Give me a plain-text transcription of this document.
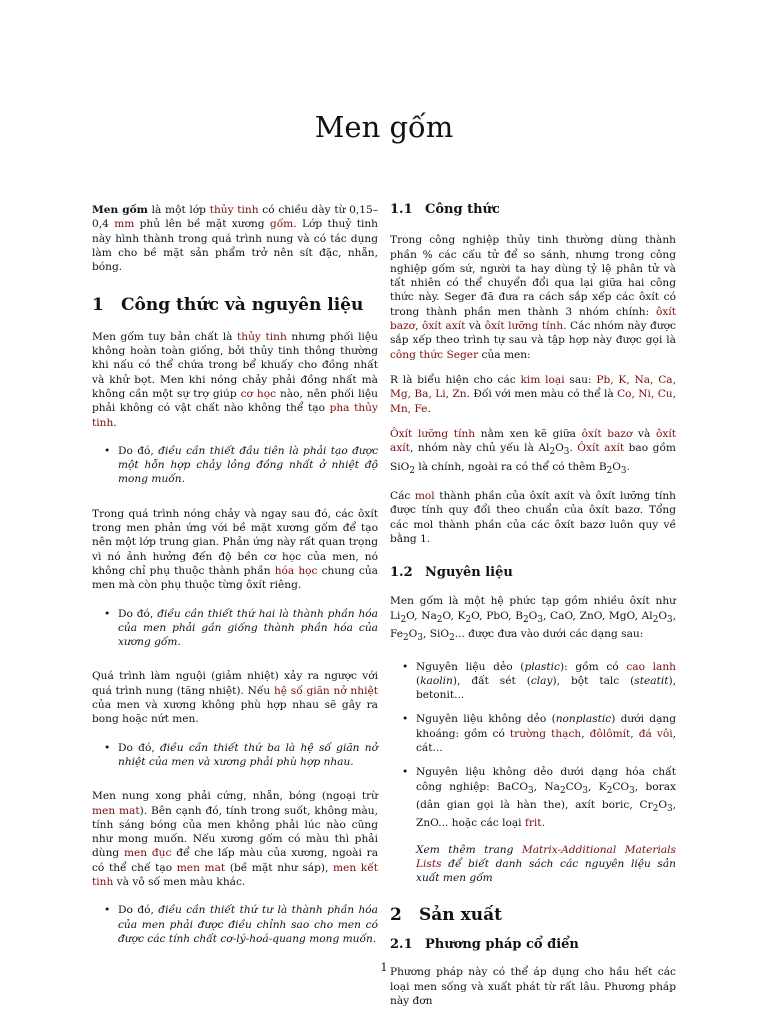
Men gốm

Men gốm là một lớp thủy tinh có chiều dày từ 0,15–0,4 mm phủ lên bề mặt xương gốm. Lớp thuỷ tinh này hình thành trong quá trình nung và có tác dụng làm cho bề mặt sản phẩm trở nên sít đặc, nhẵn, bóng.

1	Công thức và nguyên liệu

Men gốm tuy bản chất là thủy tinh nhưng phối liệu không hoàn toàn giống, bởi thủy tinh thông thường khi nấu có thể chứa trong bể khuấy cho đồng nhất và khử bọt. Men khi nóng chảy phải đồng nhất mà không cần một sự trợ giúp cơ học nào, nên phối liệu phải không có vật chất nào không thể tạo pha thủy tinh.

• Do đó, điều cần thiết đầu tiên là phải tạo được một hỗn hợp chảy lỏng đồng nhất ở nhiệt độ mong muốn.

Trong quá trình nóng chảy và ngay sau đó, các ôxít trong men phản ứng với bề mặt xương gốm để tạo nên một lớp trung gian. Phản ứng này rất quan trọng vì nó ảnh hưởng đến độ bền cơ học của men, nó không chỉ phụ thuộc thành phần hóa học chung của men mà còn phụ thuộc từng ôxít riêng.

• Do đó, điều cần thiết thứ hai là thành phần hóa của men phải gần giống thành phần hóa của xương gốm.

Quá trình làm nguội (giảm nhiệt) xảy ra ngược với quá trình nung (tăng nhiệt). Nếu hệ số giãn nở nhiệt của men và xương không phù hợp nhau sẽ gây ra bong hoặc nứt men.

• Do đó, điều cần thiết thứ ba là hệ số giãn nở nhiệt của men và xương phải phù hợp nhau.

Men nung xong phải cứng, nhẵn, bóng (ngoại trừ men mat). Bên cạnh đó, tính trong suốt, không màu, tính sáng bóng của men không phải lúc nào cũng như mong muốn. Nếu xương gốm có màu thì phải dùng men đục để che lấp màu của xương, ngoài ra có thể chế tạo men mat (bề mặt như sáp), men kết tinh và vô số men màu khác.

• Do đó, điều cần thiết thứ tư là thành phần hóa của men phải được điều chỉnh sao cho men có được các tính chất cơ-lý-hoá-quang mong muốn.
1.1 Công thức

Trong công nghiệp thủy tinh thường dùng thành phần % các cấu tử để so sánh, nhưng trong công nghiệp gốm sứ, người ta hay dùng tỷ lệ phân tử và tất nhiên có thể chuyển đổi qua lại giữa hai công thức này. Seger đã đưa ra cách sắp xếp các ôxít có trong thành phần men thành 3 nhóm chính: ôxít bazơ, ôxít axít và ôxít lưỡng tính. Các nhóm này được sắp xếp theo trình tự sau và tập hợp này được gọi là công thức Seger của men:

R là biểu hiện cho các kim loại sau: Pb, K, Na, Ca, Mg, Ba, Li, Zn. Đối với men màu có thể là Co, Ni, Cu, Mn, Fe.

Ôxít lưỡng tính nằm xen kẽ giữa ôxít bazơ và ôxít axít, nhóm này chủ yếu là $Al_2O_3$. Ôxít axít bao gồm SiO$_2$ là chính, ngoài ra có thể có thêm $B_2O_3$.

Các mol thành phần của ôxít axít và ôxít lưỡng tính được tính quy đổi theo chuẩn của ôxít bazơ. Tổng các mol thành phần của các ôxít bazơ luôn quy về bằng 1.

1.2 Nguyên liệu

Men gốm là một hệ phức tạp gồm nhiều ôxít như $Li_2O$, $Na_2O$, $K_2O$, PbO, $B_2O_3$, CaO, ZnO, MgO, $Al_2O_3$, $Fe_2O_3$, SiO$_2$... được đưa vào dưới các dạng sau:

• Nguyên liệu dẻo (plastic): gồm có cao lanh (kaolin), đất sét (clay), bột talc (steatit), betonit...
• Nguyên liệu không dẻo (nonplastic) dưới dạng khoáng: gồm có trường thạch, đôlômít, đá vôi, cát...
• Nguyên liệu không dẻo dưới dạng hóa chất công nghiệp: BaCO$_3$, $Na_2CO_3$, $K_2CO_3$, borax (dân gian gọi là hàn the), axít boric, $Cr_2O_3$, ZnO... hoặc các loại frit.

Xem thêm trang Matrix-Additional Materials Lists để biết danh sách các nguyên liệu sản xuất men gốm

2	Sản xuất
2.1 Phương pháp cổ điển

Phương pháp này có thể áp dụng cho hầu hết các loại men sống và xuất phát từ rất lâu. Phương pháp này đơn

1
